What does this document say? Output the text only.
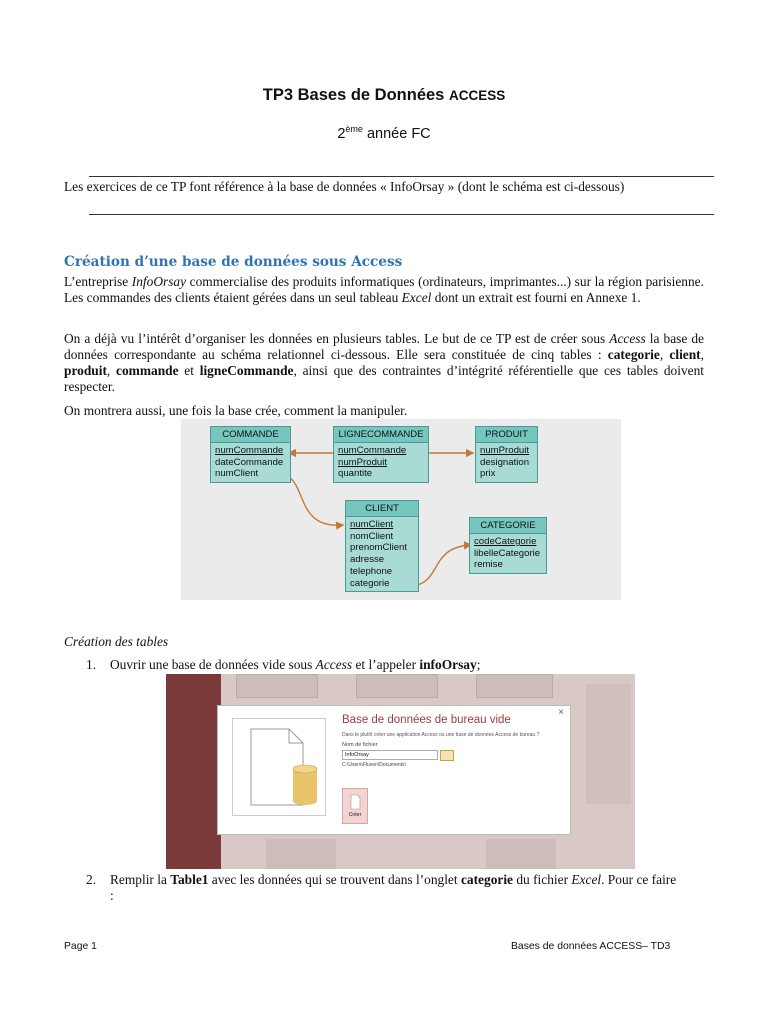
TP3 Bases de Données ACCESS
2ème année FC
Les exercices de ce TP font référence à la base de données « InfoOrsay » (dont le schéma est ci-dessous)
Création d’une base de données sous Access
L’entreprise InfoOrsay commercialise des produits informatiques (ordinateurs, imprimantes...) sur la région parisienne. Les commandes des clients étaient gérées dans un seul tableau Excel dont un extrait est fourni en Annexe 1.
On a déjà vu l’intérêt d’organiser les données en plusieurs tables. Le but de ce TP est de créer sous Access la base de données correspondante au schéma relationnel ci-dessous. Elle sera constituée de cinq tables : categorie, client, produit, commande et ligneCommande, ainsi que des contraintes d’intégrité référentielle que ces tables doivent respecter.
On montrera aussi, une fois la base crée, comment la manipuler.
COMMANDE
numCommande
dateCommande
numClient
LIGNECOMMANDE
numCommande
numProduit
quantite
PRODUIT
numProduit
designation
prix
CLIENT
numClient
nomClient
prenomClient
adresse
telephone
categorie
CATEGORIE
codeCategorie
libelleCategorie
remise
Création des tables
1. Ouvrir une base de données vide sous Access et l’appeler infoOrsay;
×
Base de données de bureau vide
Dans le plutôt créer une application Access ou une base de données Access de bureau ?
Nom de fichier
InfoOrsay
C:\Users\Fluxen\Documents\
Créer
2. Remplir la Table1 avec les données qui se trouvent dans l’onglet categorie du fichier Excel. Pour ce faire :
Page 1	Bases de données ACCESS– TD3
